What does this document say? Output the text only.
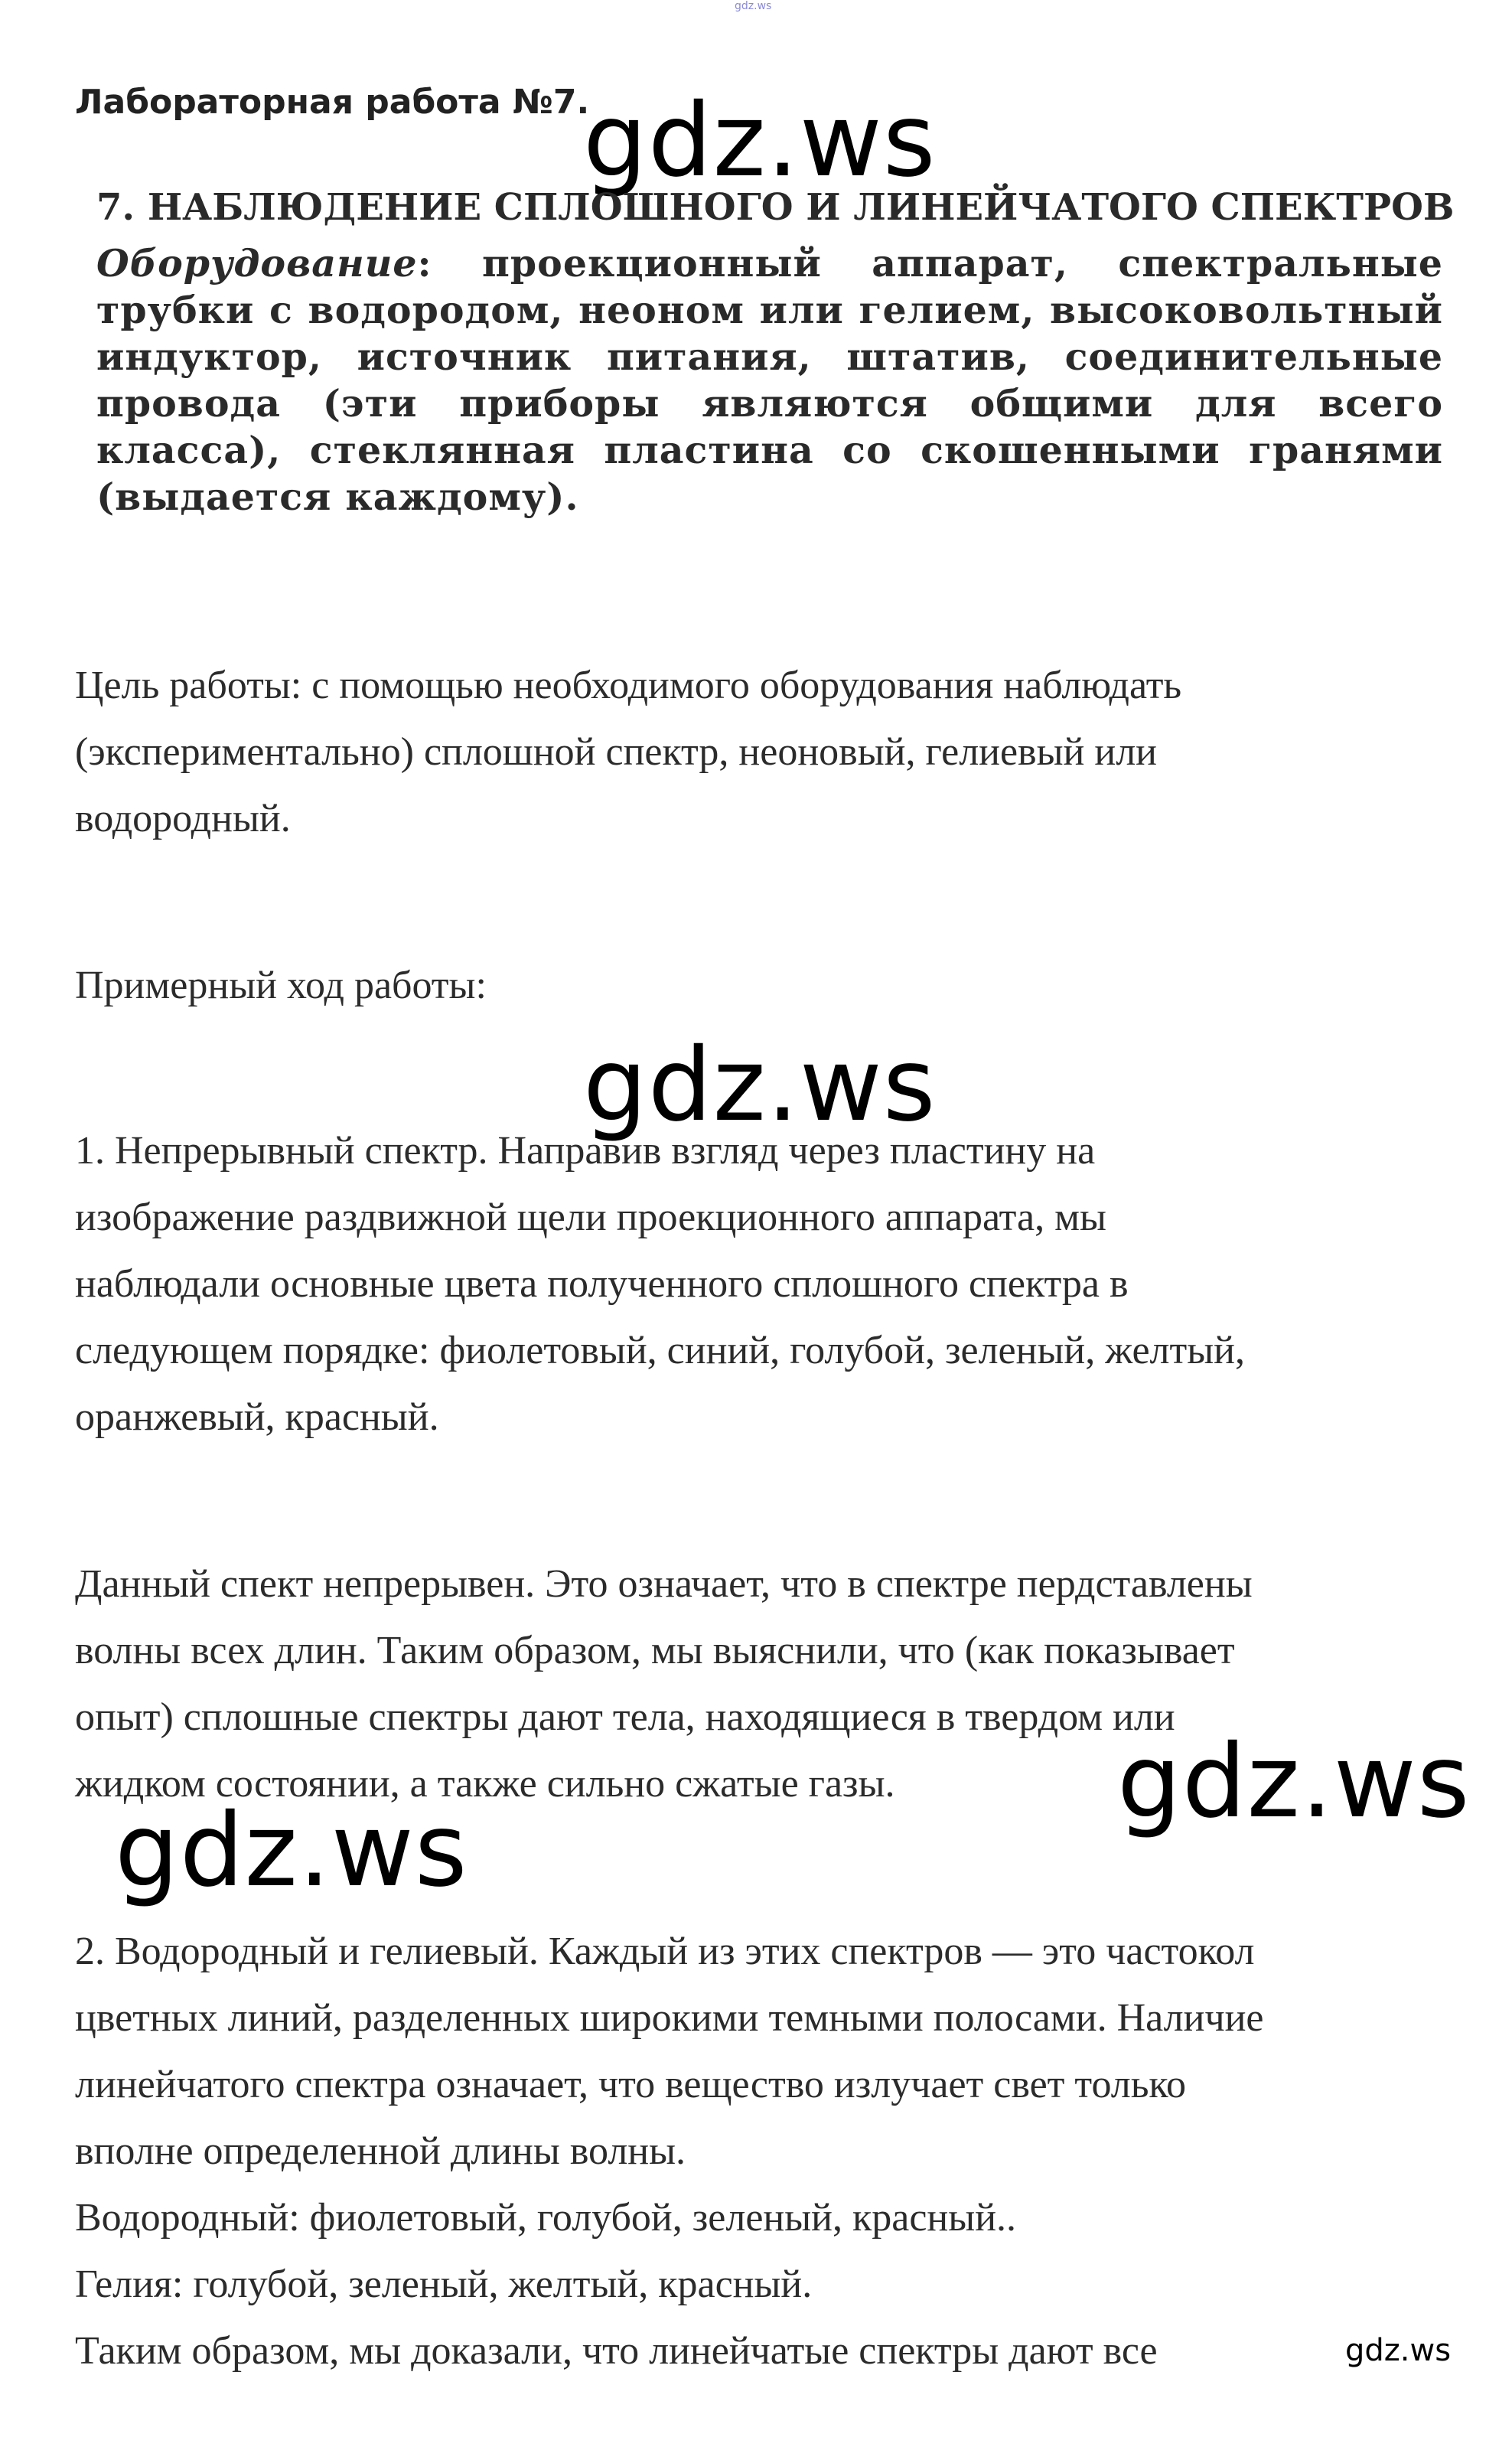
gdz.ws
Лабораторная работа №7.
gdz.ws
7. НАБЛЮДЕНИЕ СПЛОШНОГО И ЛИНЕЙЧАТОГО СПЕКТРОВ
Оборудование: проекционный аппарат, спектральные трубки с водородом, неоном или гелием, высоковольтный индуктор, источник питания, штатив, соединительные провода (эти приборы являются общими для всего класса), стеклянная пластина со скошенными гранями (выдается каждому).

Цель работы: с помощью необходимого оборудования наблюдать

(экспериментально) сплошной спектр, неоновый, гелиевый или

водородный.

Примерный ход работы:

gdz.ws

1. Непрерывный спектр. Направив взгляд через пластину на

изображение раздвижной щели проекционного аппарата, мы

наблюдали основные цвета полученного сплошного спектра в

следующем порядке: фиолетовый, синий, голубой, зеленый, желтый,

оранжевый, красный.

Данный спект непрерывен. Это означает, что в спектре пердставлены

волны всех длин. Таким образом, мы выяснили, что (как показывает

опыт) сплошные спектры дают тела, находящиеся в твердом или

жидком состоянии, а также сильно сжатые газы.	gdz.ws
gdz.ws

2. Водородный и гелиевый. Каждый из этих спектров — это частокол

цветных линий, разделенных широкими темными полосами. Наличие

линейчатого спектра означает, что вещество излучает свет только

вполне определенной длины волны.

Водородный: фиолетовый, голубой, зеленый, красный..

Гелия: голубой, зеленый, желтый, красный.

Таким образом, мы доказали, что линейчатые спектры дают все	gdz.ws
